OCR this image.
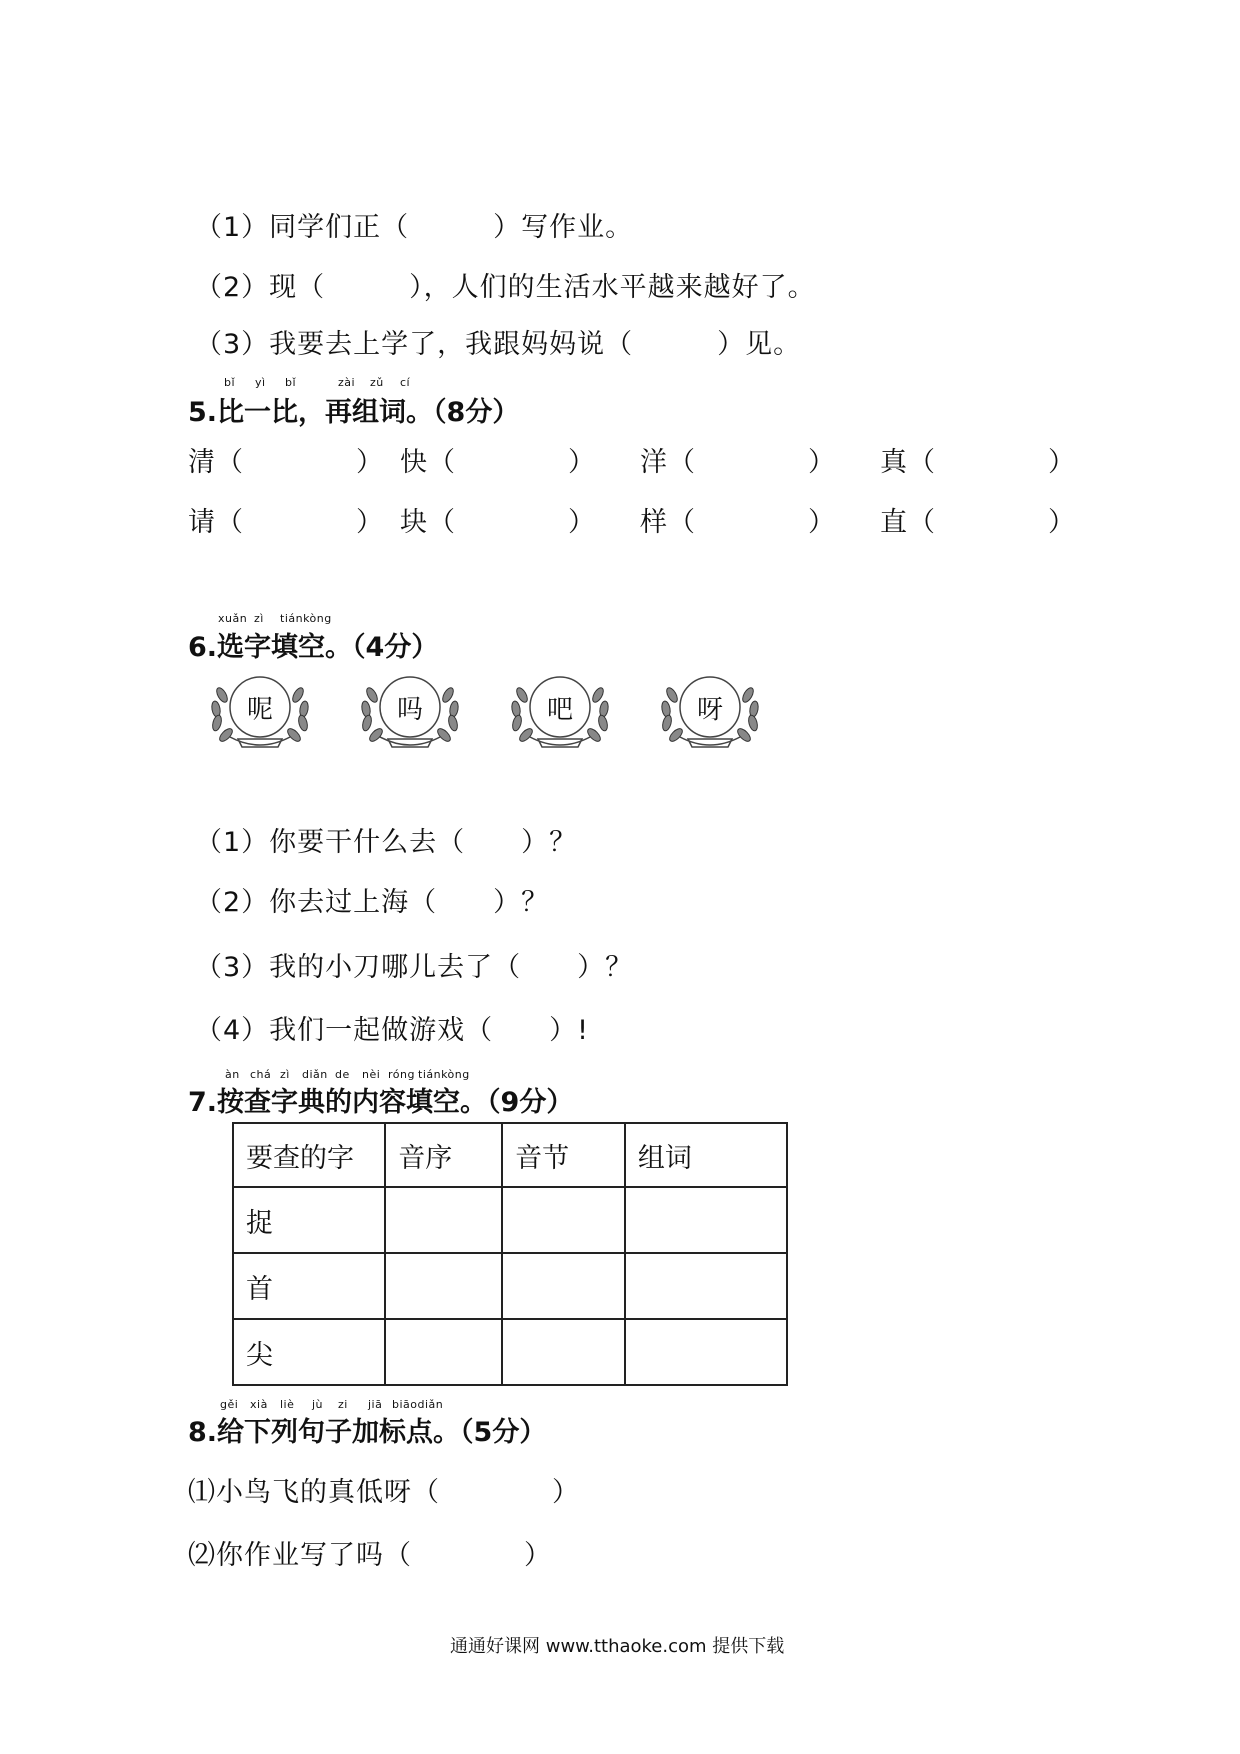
（1）同学们正（　　　）写作业。
（2）现（　　　），人们的生活水平越来越好了。
（3）我要去上学了，我跟妈妈说（　　　）见。
bǐ yì bǐ	zài zǔ cí
5.比一比，再组词。（8分）
清（　　　　） 快（　　　　） 洋（　　　　） 真（　　　　）
请（　　　　） 块（　　　　） 样（　　　　） 直（　　　　）
xuǎn zì tiánkòng
6.选字填空。（4分）
呢	吗	吧	呀
（1）你要干什么去（　　）？
（2）你去过上海（　　）？
（3）我的小刀哪儿去了（　　）？
（4）我们一起做游戏（　　）!
àn chá zì diǎn de nèi róng tiánkòng
7.按查字典的内容填空。（9分）
要查的字	音序	音节	组词
捉			
首			
尖			
gěi xià liè jù zi jiā biāodiǎn
8.给下列句子加标点。（5分）
⑴小鸟飞的真低呀（　　　　）
⑵你作业写了吗（　　　　）
通通好课网 www.tthaoke.com 提供下载
